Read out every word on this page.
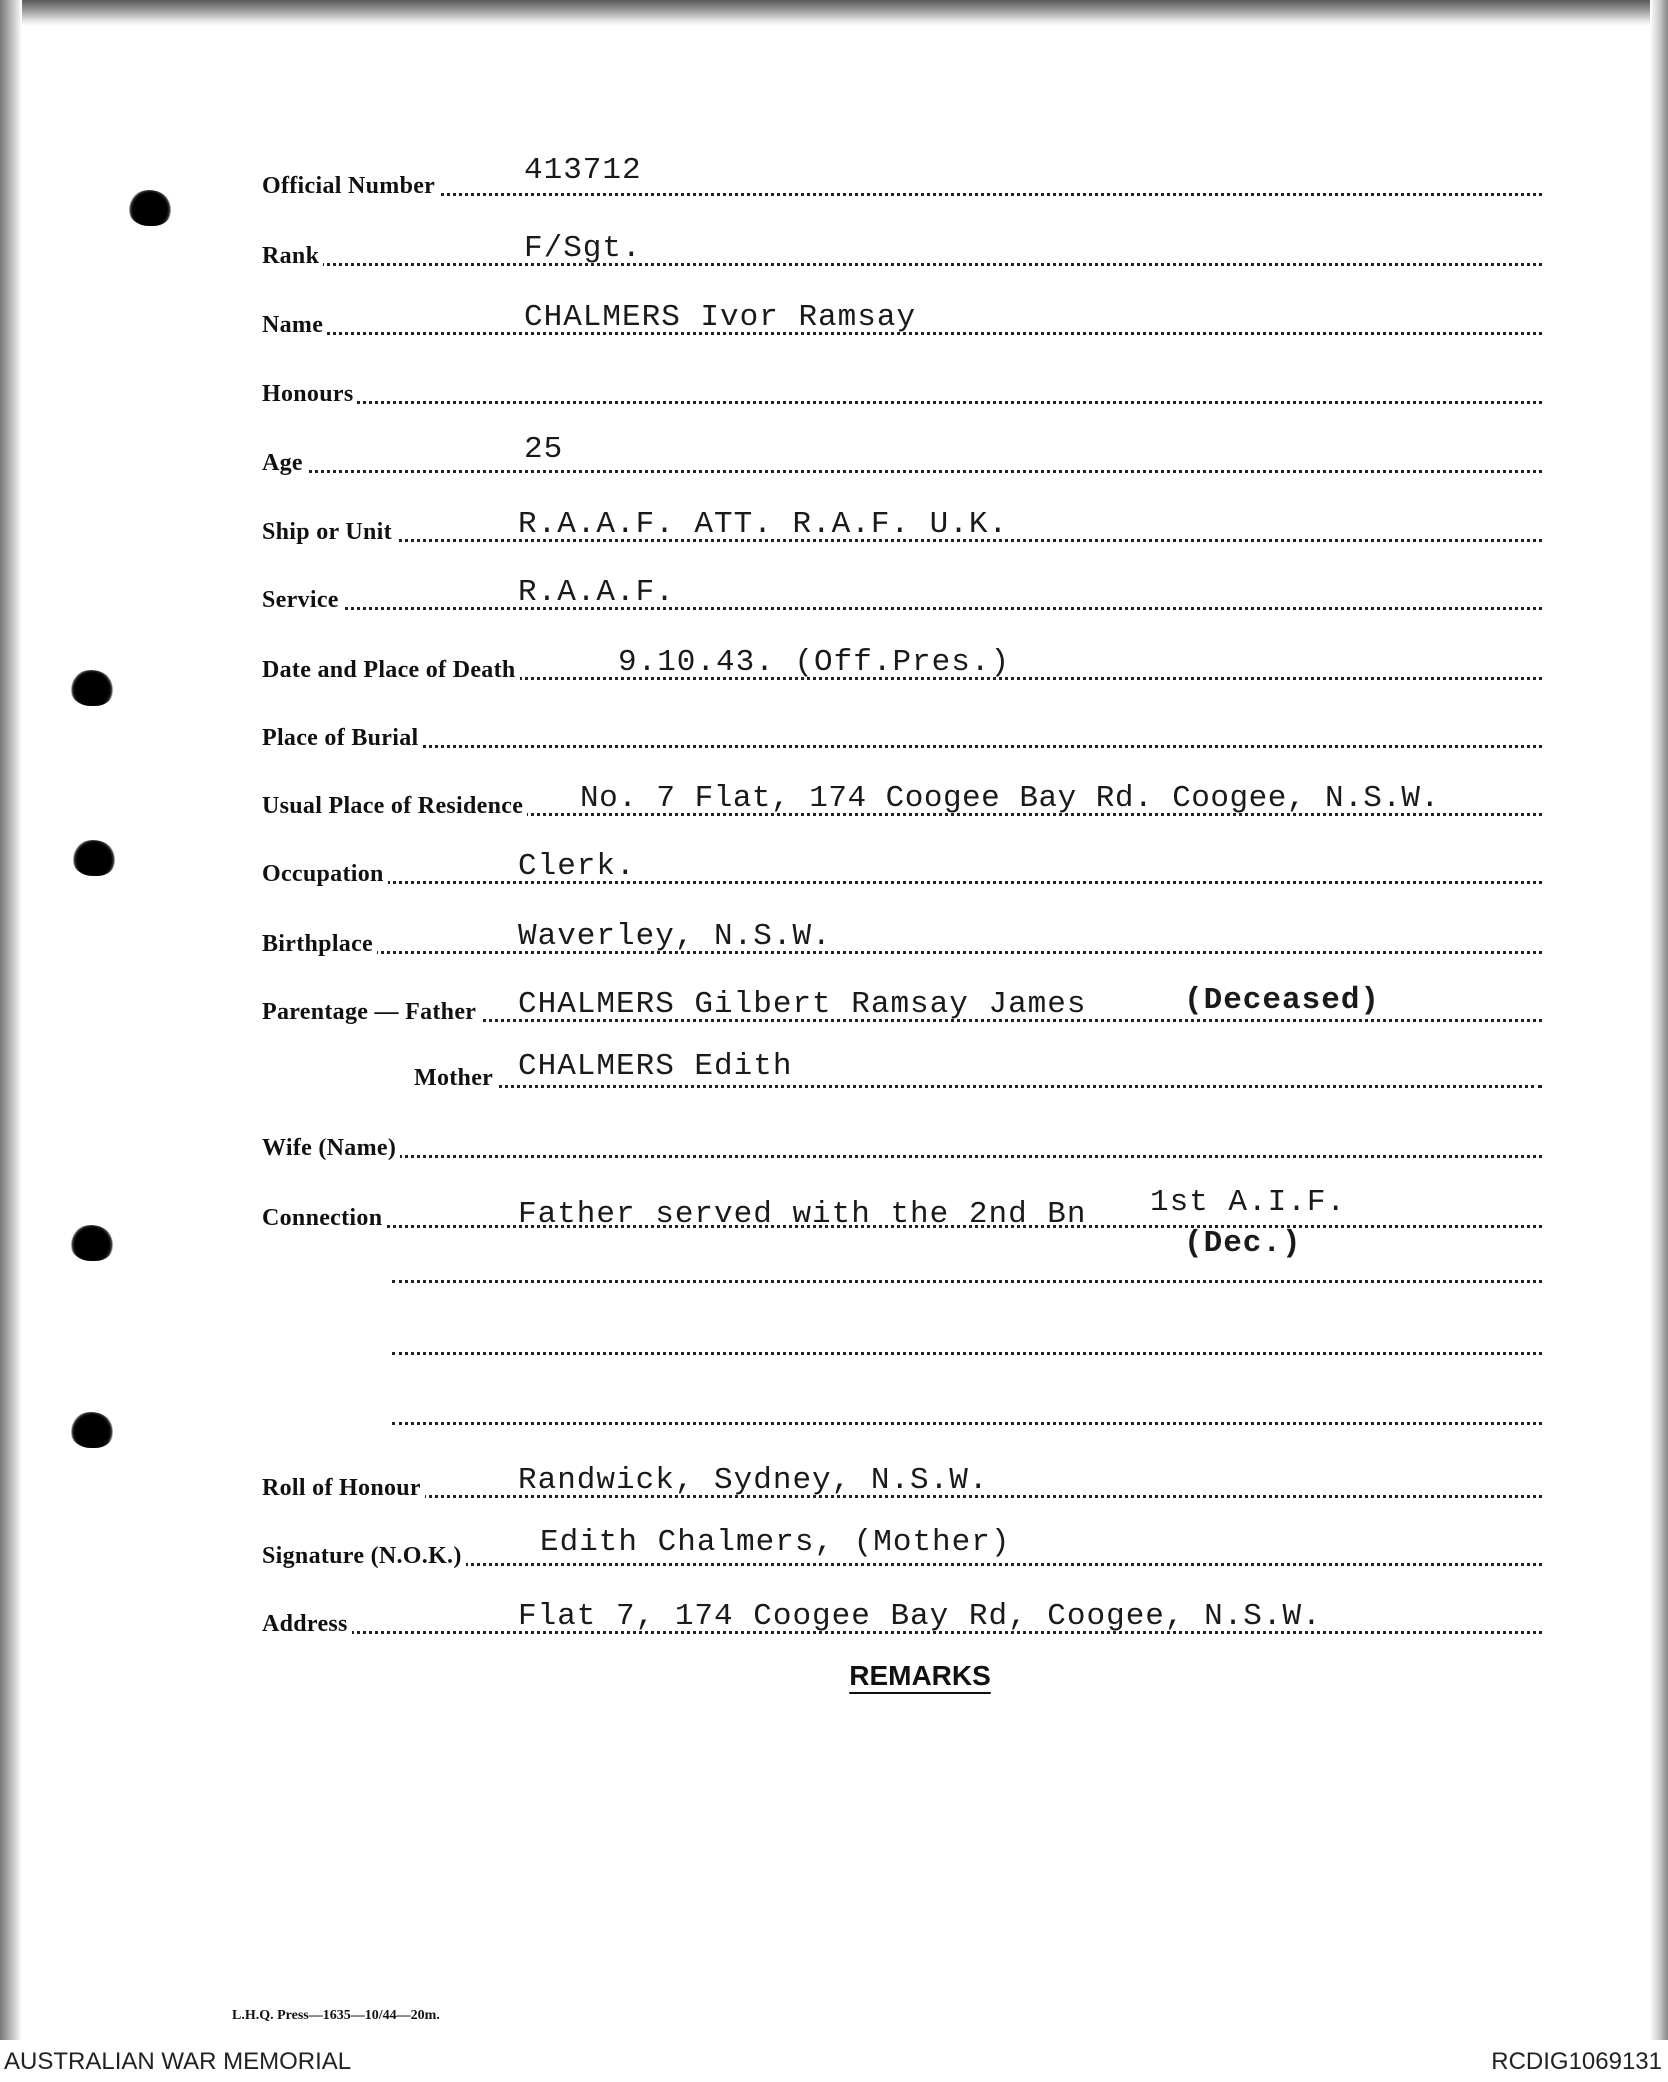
Official Number	413712
Rank	F/Sgt.
Name	CHALMERS Ivor Ramsay
Honours
Age	25
Ship or Unit	R.A.A.F. ATT. R.A.F. U.K.
Service	R.A.A.F.
Date and Place of Death	9.10.43. (Off.Pres.)
Place of Burial
Usual Place of Residence No. 7 Flat, 174 Coogee Bay Rd. Coogee, N.S.W.
Occupation	Clerk.
Birthplace	Waverley, N.S.W.
Parentage — Father CHALMERS Gilbert Ramsay James	(Deceased)
Mother CHALMERS Edith
Wife (Name)
Connection	Father served with the 2nd Bn 1st A.I.F.
(Dec.)
Roll of Honour	Randwick, Sydney, N.S.W.
Signature (N.O.K.)	Edith Chalmers, (Mother)
Address	Flat 7, 174 Coogee Bay Rd, Coogee, N.S.W.
REMARKS
L.H.Q. Press—1635—10/44—20m.
AUSTRALIAN WAR MEMORIAL	RCDIG1069131
